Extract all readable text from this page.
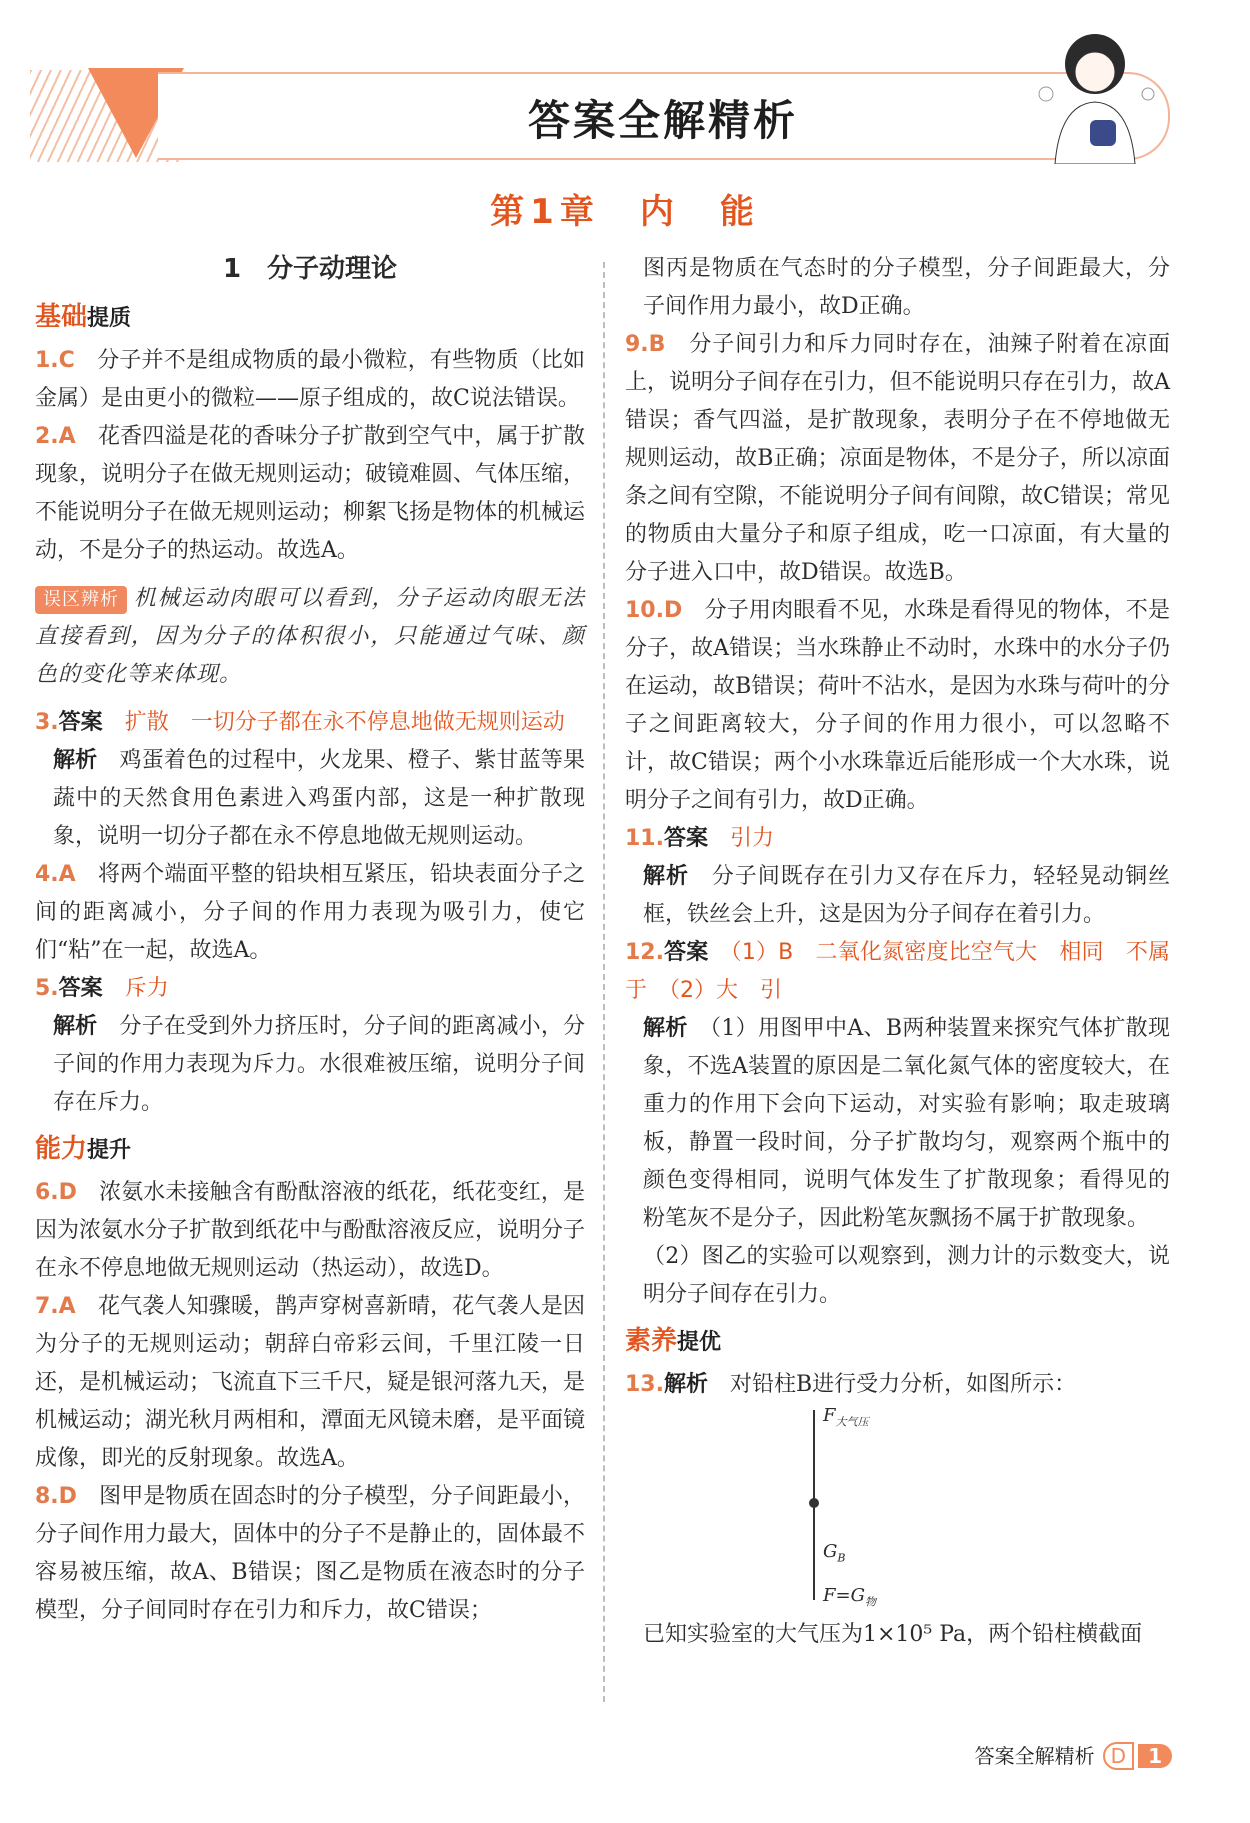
答案全解精析
第1章　内　能
1　分子动理论
基础提质

1.C　 分子并不是组成物质的最小微粒，有些物质（比如金属）是由更小的微粒——原子组成的，故C说法错误。

2.A　 花香四溢是花的香味分子扩散到空气中，属于扩散现象，说明分子在做无规则运动；破镜难圆、气体压缩，不能说明分子在做无规则运动；柳絮飞扬是物体的机械运动，不是分子的热运动。故选A。

误区辨析 机械运动肉眼可以看到，分子运动肉眼无法直接看到，因为分子的体积很小，只能通过气味、颜色的变化等来体现。

3.答案　 扩散　一切分子都在永不停息地做无规则运动

解析　 鸡蛋着色的过程中，火龙果、橙子、紫甘蓝等果蔬中的天然食用色素进入鸡蛋内部，这是一种扩散现象，说明一切分子都在永不停息地做无规则运动。

4.A　 将两个端面平整的铅块相互紧压，铅块表面分子之间的距离减小，分子间的作用力表现为吸引力，使它们“粘”在一起，故选A。

5.答案　 斥力

解析　 分子在受到外力挤压时，分子间的距离减小，分子间的作用力表现为斥力。水很难被压缩，说明分子间存在斥力。

能力提升

6.D　 浓氨水未接触含有酚酞溶液的纸花，纸花变红，是因为浓氨水分子扩散到纸花中与酚酞溶液反应，说明分子在永不停息地做无规则运动（热运动），故选D。

7.A　 花气袭人知骤暖，鹊声穿树喜新晴，花气袭人是因为分子的无规则运动；朝辞白帝彩云间，千里江陵一日还，是机械运动；飞流直下三千尺，疑是银河落九天，是机械运动；湖光秋月两相和，潭面无风镜未磨，是平面镜成像，即光的反射现象。故选A。

8.D　 图甲是物质在固态时的分子模型，分子间距最小，分子间作用力最大，固体中的分子不是静止的，固体最不容易被压缩，故A、B错误；图乙是物质在液态时的分子模型，分子间同时存在引力和斥力，故C错误；

图丙是物质在气态时的分子模型，分子间距最大，分子间作用力最小，故D正确。

9.B　 分子间引力和斥力同时存在，油辣子附着在凉面上，说明分子间存在引力，但不能说明只存在引力，故A错误；香气四溢，是扩散现象，表明分子在不停地做无规则运动，故B正确；凉面是物体，不是分子，所以凉面条之间有空隙，不能说明分子间有间隙，故C错误；常见的物质由大量分子和原子组成，吃一口凉面，有大量的分子进入口中，故D错误。故选B。

10.D　 分子用肉眼看不见，水珠是看得见的物体，不是分子，故A错误；当水珠静止不动时，水珠中的水分子仍在运动，故B错误；荷叶不沾水，是因为水珠与荷叶的分子之间距离较大，分子间的作用力很小，可以忽略不计，故C错误；两个小水珠靠近后能形成一个大水珠，说明分子之间有引力，故D正确。

11.答案　 引力

解析　 分子间既存在引力又存在斥力，轻轻晃动铜丝框，铁丝会上升，这是因为分子间存在着引力。

12.答案　 （1）B　二氧化氮密度比空气大　相同　不属于　（2）大　引

解析　 （1）用图甲中A、B两种装置来探究气体扩散现象，不选A装置的原因是二氧化氮气体的密度较大，在重力的作用下会向下运动，对实验有影响；取走玻璃板，静置一段时间，分子扩散均匀，观察两个瓶中的颜色变得相同，说明气体发生了扩散现象；看得见的粉笔灰不是分子，因此粉笔灰飘扬不属于扩散现象。

（2）图乙的实验可以观察到，测力计的示数变大，说明分子间存在引力。

素养提优

13.解析　 对铅柱B进行受力分析，如图所示：

$F_{大气压}$
$G_B$
$F=G_物$

已知实验室的大气压为1×10⁵ Pa，两个铅柱横截面

答案全解精析 D 1
